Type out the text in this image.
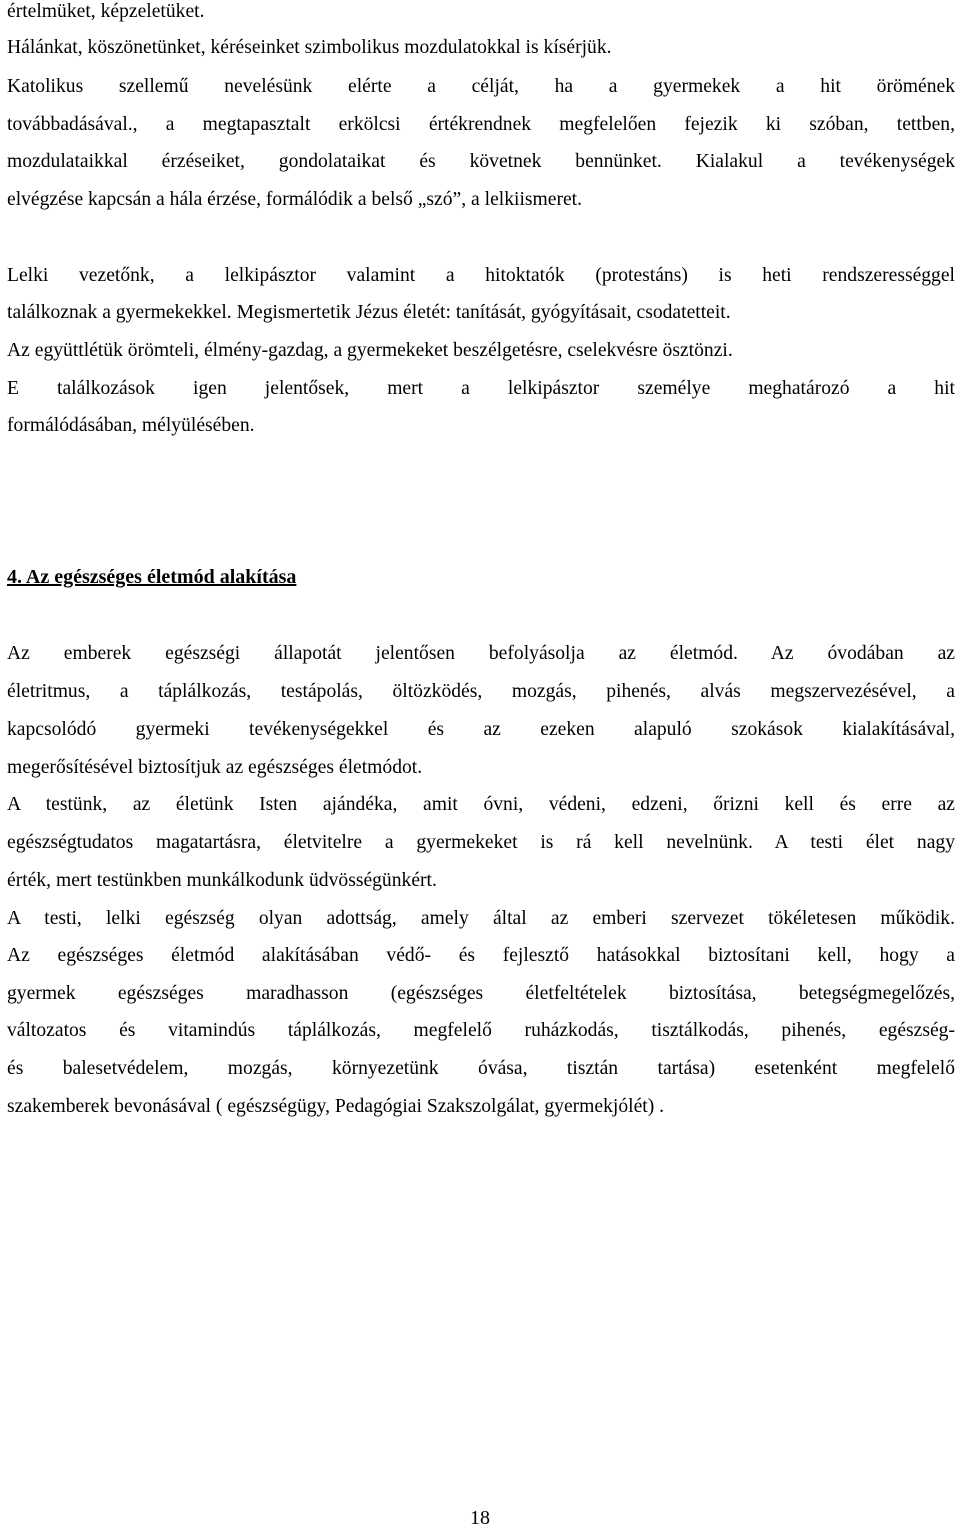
értelmüket, képzeletüket.
Hálánkat, köszönetünket, kéréseinket szimbolikus mozdulatokkal is kísérjük.
Katolikus szellemű nevelésünk elérte a célját, ha a gyermekek a hit örömének
továbbadásával., a megtapasztalt erkölcsi értékrendnek megfelelően fejezik ki szóban, tettben,
mozdulataikkal érzéseiket, gondolataikat és követnek bennünket. Kialakul a tevékenységek
elvégzése kapcsán a hála érzése, formálódik a belső „szó”, a lelkiismeret.
Lelki vezetőnk, a lelkipásztor valamint a hitoktatók (protestáns) is heti rendszerességgel
találkoznak a gyermekekkel. Megismertetik Jézus életét: tanítását, gyógyításait, csodatetteit.
Az együttlétük örömteli, élmény-gazdag, a gyermekeket beszélgetésre, cselekvésre ösztönzi.
E találkozások igen jelentősek, mert a lelkipásztor személye meghatározó a hit
formálódásában, mélyülésében.
4. Az egészséges életmód alakítása
Az emberek egészségi állapotát jelentősen befolyásolja az életmód. Az óvodában az
életritmus, a táplálkozás, testápolás, öltözködés, mozgás, pihenés, alvás megszervezésével, a
kapcsolódó gyermeki tevékenységekkel és az ezeken alapuló szokások kialakításával,
megerősítésével biztosítjuk az egészséges életmódot.
A testünk, az életünk Isten ajándéka, amit óvni, védeni, edzeni, őrizni kell és erre az
egészségtudatos magatartásra, életvitelre a gyermekeket is rá kell nevelnünk. A testi élet nagy
érték, mert testünkben munkálkodunk üdvösségünkért.
A testi, lelki egészség olyan adottság, amely által az emberi szervezet tökéletesen működik.
Az egészséges életmód alakításában védő- és fejlesztő hatásokkal biztosítani kell, hogy a
gyermek egészséges maradhasson (egészséges életfeltételek biztosítása, betegségmegelőzés,
változatos és vitamindús táplálkozás, megfelelő ruházkodás, tisztálkodás, pihenés, egészség-
és balesetvédelem, mozgás, környezetünk óvása, tisztán tartása) esetenként megfelelő
szakemberek bevonásával ( egészségügy, Pedagógiai Szakszolgálat, gyermekjólét) .
18
